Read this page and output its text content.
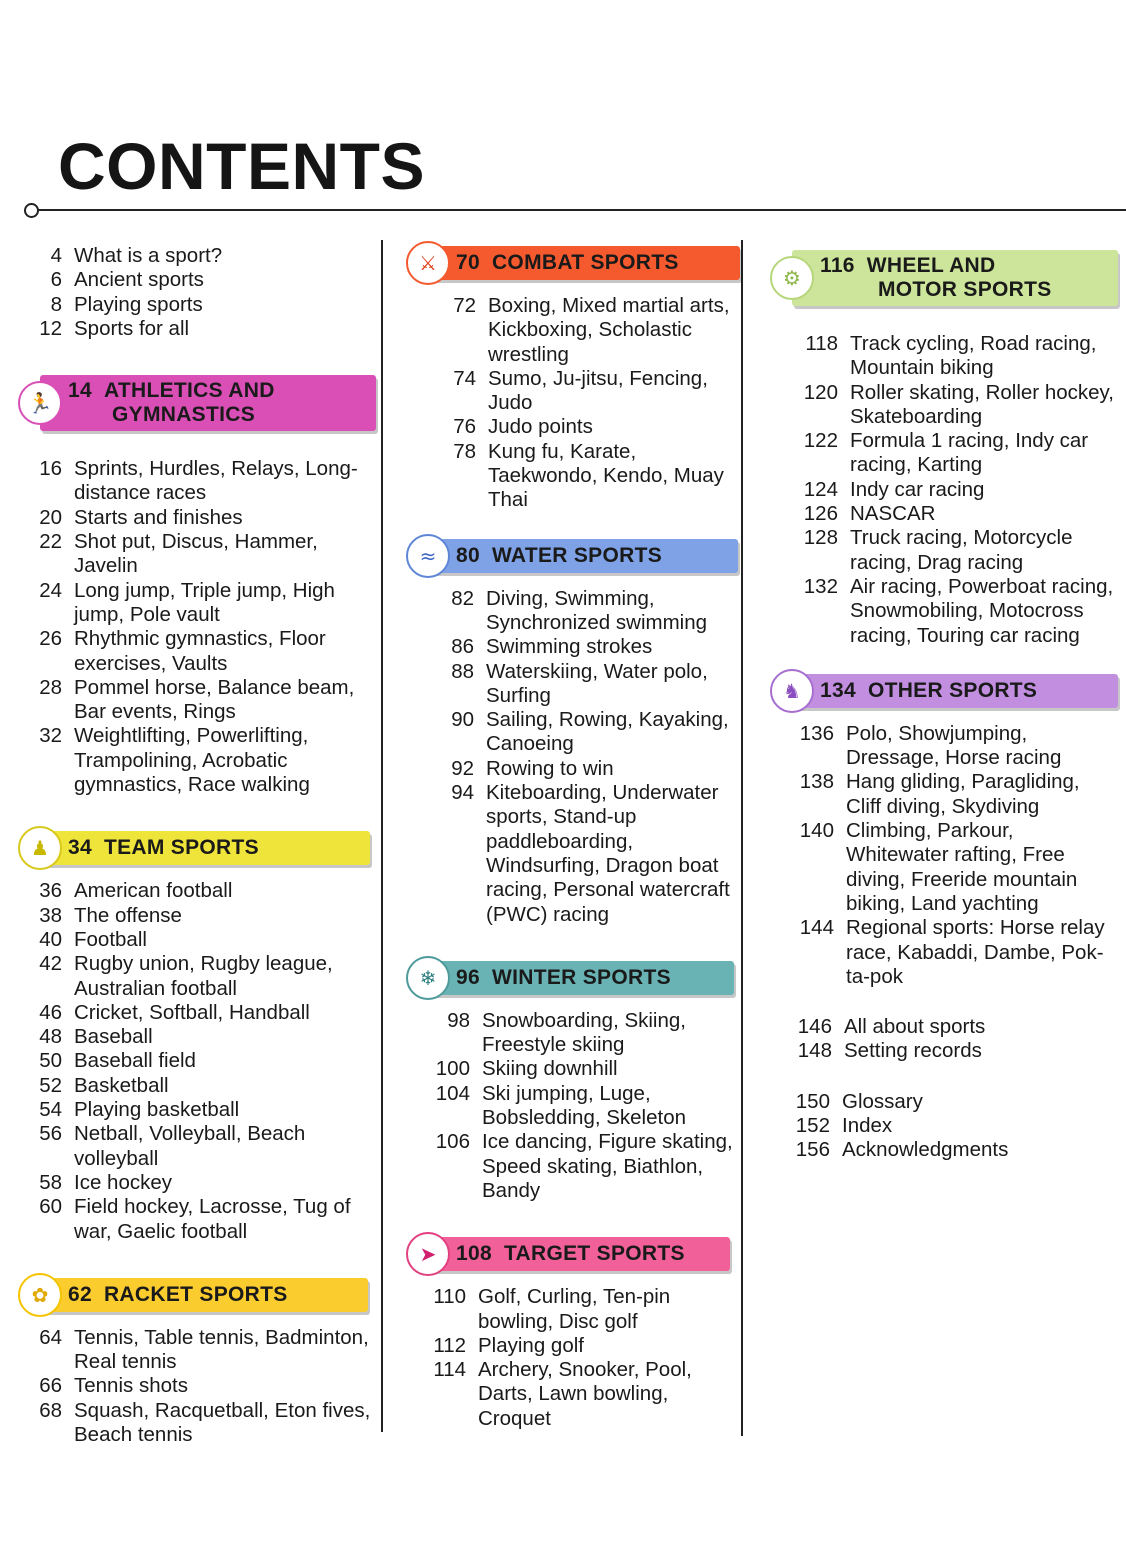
CONTENTS
4 What is a sport?
6 Ancient sports
8 Playing sports
12 Sports for all
🏃
14 ATHLETICS AND
GYMNASTICS
16 Sprints, Hurdles, Relays, Long-distance races
20 Starts and finishes
22 Shot put, Discus, Hammer, Javelin
24 Long jump, Triple jump, High jump, Pole vault
26 Rhythmic gymnastics, Floor exercises, Vaults
28 Pommel horse, Balance beam, Bar events, Rings
32 Weightlifting, Powerlifting, Trampolining, Acrobatic gymnastics, Race walking
♟ 34 TEAM SPORTS
36 American football
38 The offense
40 Football
42 Rugby union, Rugby league, Australian football
46 Cricket, Softball, Handball
48 Baseball
50 Baseball field
52 Basketball
54 Playing basketball
56 Netball, Volleyball, Beach volleyball
58 Ice hockey
60 Field hockey, Lacrosse, Tug of war, Gaelic football
✿ 62 RACKET SPORTS
64 Tennis, Table tennis, Badminton, Real tennis
66 Tennis shots
68 Squash, Racquetball, Eton fives, Beach tennis
⚔ 70 COMBAT SPORTS
72 Boxing, Mixed martial arts, Kickboxing, Scholastic wrestling
74 Sumo, Ju-jitsu, Fencing, Judo
76 Judo points
78 Kung fu, Karate, Taekwondo, Kendo, Muay Thai
≈ 80 WATER SPORTS
82 Diving, Swimming, Synchronized swimming
86 Swimming strokes
88 Waterskiing, Water polo, Surfing
90 Sailing, Rowing, Kayaking, Canoeing
92 Rowing to win
94 Kiteboarding, Underwater sports, Stand-up paddleboarding, Windsurfing, Dragon boat racing, Personal watercraft (PWC) racing
❄ 96 WINTER SPORTS
98 Snowboarding, Skiing, Freestyle skiing
100 Skiing downhill
104 Ski jumping, Luge, Bobsledding, Skeleton
106 Ice dancing, Figure skating, Speed skating, Biathlon, Bandy
➤ 108 TARGET SPORTS
110 Golf, Curling, Ten-pin bowling, Disc golf
112 Playing golf
114 Archery, Snooker, Pool, Darts, Lawn bowling, Croquet
⚙
116 WHEEL AND
MOTOR SPORTS
118 Track cycling, Road racing, Mountain biking
120 Roller skating, Roller hockey, Skateboarding
122 Formula 1 racing, Indy car racing, Karting
124 Indy car racing
126 NASCAR
128 Truck racing, Motorcycle racing, Drag racing
132 Air racing, Powerboat racing, Snowmobiling, Motocross racing, Touring car racing
♞ 134 OTHER SPORTS
136 Polo, Showjumping, Dressage, Horse racing
138 Hang gliding, Paragliding, Cliff diving, Skydiving
140 Climbing, Parkour, Whitewater rafting, Free diving, Freeride mountain biking, Land yachting
144 Regional sports: Horse relay race, Kabaddi, Dambe, Pok-ta-pok
146 All about sports
148 Setting records
150 Glossary
152 Index
156 Acknowledgments
